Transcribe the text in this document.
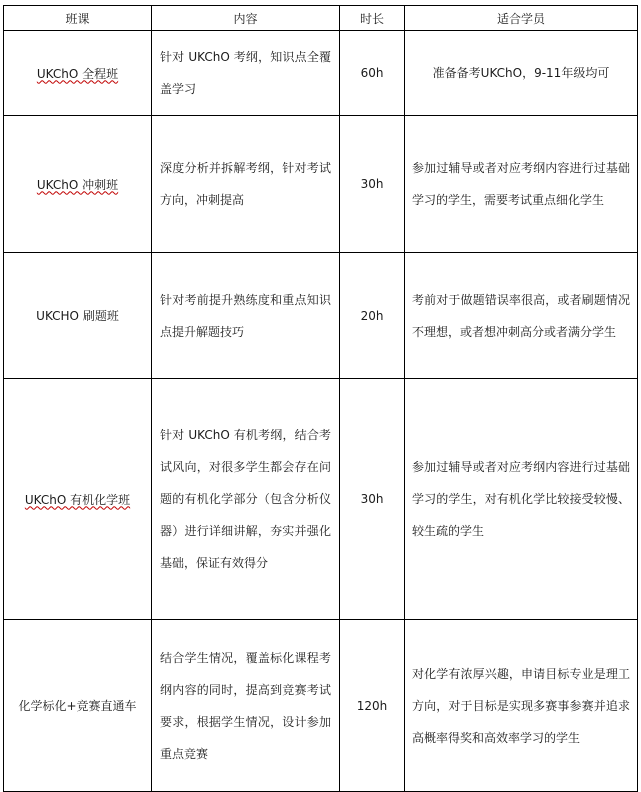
班课	内容	时长	适合学员
UKChO 全程班	针对 UKChO 考纲，知识点全覆盖学习	60h	准备备考UKChO，9-11年级均可
UKChO 冲刺班	深度分析并拆解考纲，针对考试方向，冲刺提高	30h	参加过辅导或者对应考纲内容进行过基础学习的学生，需要考试重点细化学生
UKCHO 刷题班	针对考前提升熟练度和重点知识点提升解题技巧	20h	考前对于做题错误率很高，或者刷题情况不理想，或者想冲刺高分或者满分学生
UKChO 有机化学班	针对 UKChO 有机考纲，结合考试风向，对很多学生都会存在问题的有机化学部分（包含分析仪器）进行详细讲解，夯实并强化基础，保证有效得分	30h	参加过辅导或者对应考纲内容进行过基础学习的学生，对有机化学比较接受较慢、较生疏的学生
化学标化+竞赛直通车	结合学生情况，覆盖标化课程考纲内容的同时，提高到竞赛考试要求，根据学生情况，设计参加重点竞赛	120h	对化学有浓厚兴趣，申请目标专业是理工方向，对于目标是实现多赛事参赛并追求高概率得奖和高效率学习的学生
